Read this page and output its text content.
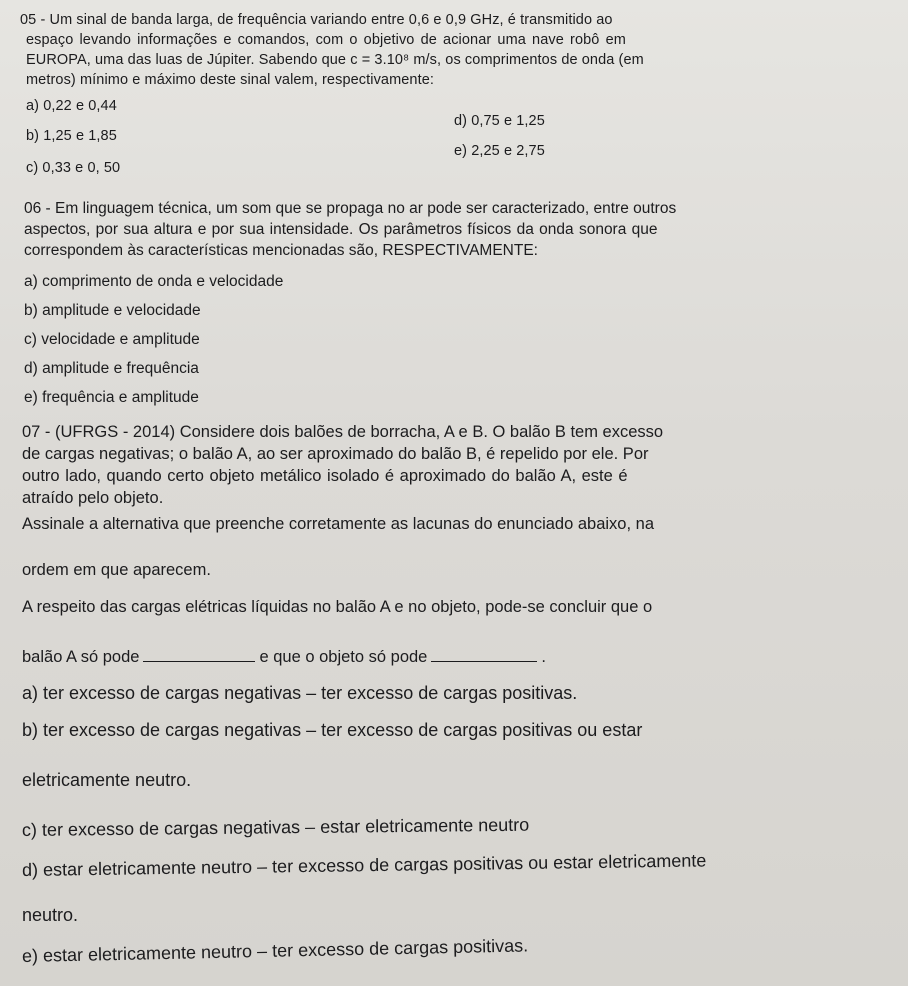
05 - Um sinal de banda larga, de frequência variando entre 0,6 e 0,9 GHz, é transmitido ao
espaço levando informações e comandos, com o objetivo de acionar uma nave robô em
EUROPA, uma das luas de Júpiter. Sabendo que c = 3.10⁸ m/s, os comprimentos de onda (em
metros) mínimo e máximo deste sinal valem, respectivamente:
a) 0,22 e 0,44
b) 1,25 e 1,85
c) 0,33 e 0, 50
d) 0,75 e 1,25
e) 2,25 e 2,75
06 - Em linguagem técnica, um som que se propaga no ar pode ser caracterizado, entre outros
aspectos, por sua altura e por sua intensidade. Os parâmetros físicos da onda sonora que
correspondem às características mencionadas são, RESPECTIVAMENTE:
a) comprimento de onda e velocidade
b) amplitude e velocidade
c) velocidade e amplitude
d) amplitude e frequência
e) frequência e amplitude
07 - (UFRGS - 2014) Considere dois balões de borracha, A e B. O balão B tem excesso
de cargas negativas; o balão A, ao ser aproximado do balão B, é repelido por ele. Por
outro lado, quando certo objeto metálico isolado é aproximado do balão A, este é
atraído pelo objeto.
Assinale a alternativa que preenche corretamente as lacunas do enunciado abaixo, na
ordem em que aparecem.
A respeito das cargas elétricas líquidas no balão A e no objeto, pode-se concluir que o
balão A só pode	e que o objeto só pode	.
a) ter excesso de cargas negativas – ter excesso de cargas positivas.
b) ter excesso de cargas negativas – ter excesso de cargas positivas ou estar
eletricamente neutro.
c) ter excesso de cargas negativas – estar eletricamente neutro
d) estar eletricamente neutro – ter excesso de cargas positivas ou estar eletricamente
neutro.
e) estar eletricamente neutro – ter excesso de cargas positivas.
